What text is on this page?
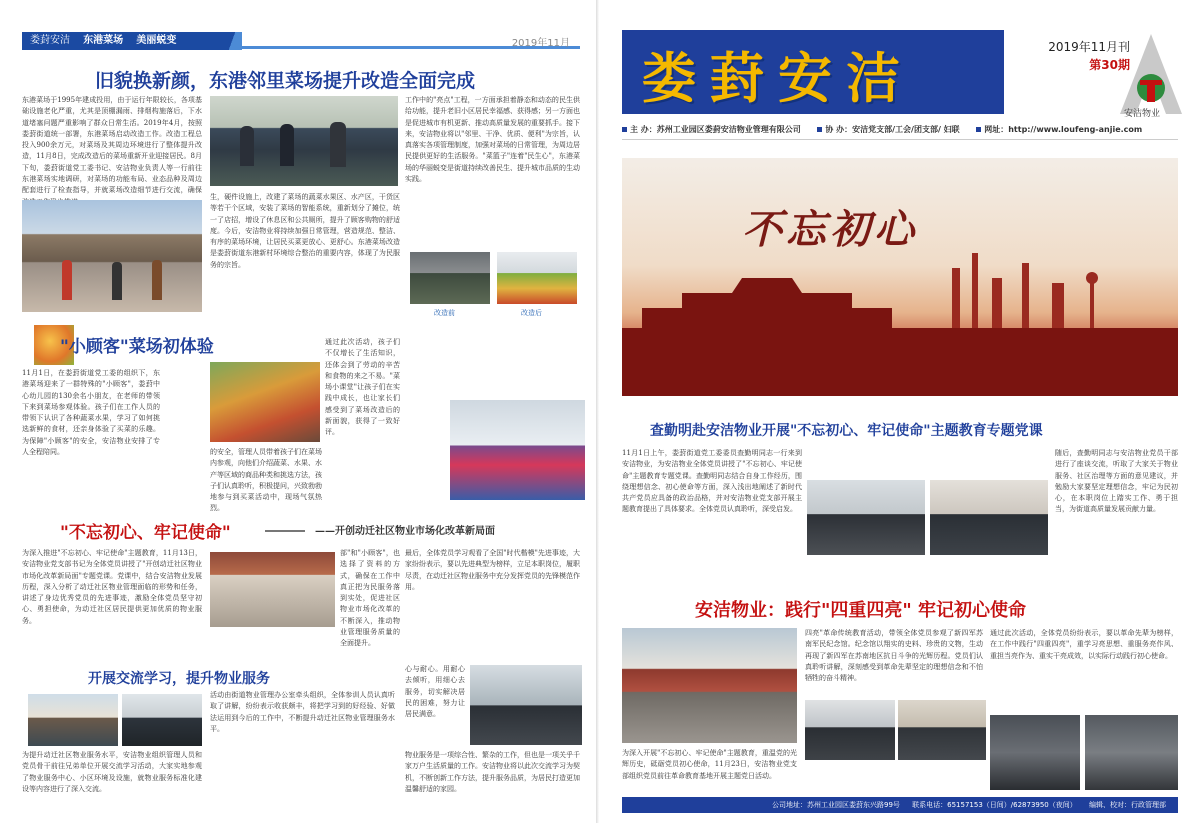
娄葑安洁 东港菜场 美丽蜕变	2019年11月
旧貌换新颜，东港邻里菜场提升改造全面完成
东港菜场于1995年建成投用，由于运行年限较长，各项基础设施老化严重，尤其是顶棚漏雨、排烟构施落后，下水道堵塞问题严重影响了群众日常生活。2019年4月，按照娄葑街道统一部署，东港菜场启动改造工作。改造工程总投入900余万元，对菜场及其周边环境进行了整体提升改造，11月8日，完成改造后的菜场重新开业迎接居民。8月下旬，娄葑街道党工委书记、安洁物业负责人等一行前往东港菜场实地调研，对菜场的功能布局、业态品种及周边配套进行了检查指导，并就菜场改造细节进行交流，确保
工作中的"亮点"工程，一方面承担着静态和动态的民生供给功能，提升老旧小区居民幸福感、获得感；另一方面也是促进城市有机更新、推动高质量发展的重要抓手。接下来，安洁物业将以"邻里、干净、优质、便利"为宗旨，认真落实各项管理制度，加强对菜场的日常管理，为周边居民提供更好的生活服务。"菜篮子"连着"民生心"，东港菜场的华丽蜕变是街道持续改善民生、提升城市品质的生动实践。
生，硬件设施上，改建了菜场的蔬菜水果区、水产区，干货区等若干个区域，安装了菜场的智能系统，重新划分了摊位，统一了店招，增设了休息区和公共厕所，提升了顾客购物的舒适度。今后，安洁物业将持续加强日常管理，营造规范、整洁、有序的菜场环境，让居民买菜更放心、更舒心。东港菜场改造是娄葑街道东港新村环境综合整治的重要内容，体现了为民服务的宗旨。
改造前	改造后
"小顾客"菜场初体验
11月1日，在娄葑街道党工委的组织下，东港菜场迎来了一群特殊的"小顾客"，娄葑中心幼儿园的130余名小朋友，在老师的带领下来到菜场参观体验。孩子们在工作人员的带领下认识了各种蔬菜水果，学习了如何挑选新鲜的食材，还亲身体验了买菜的乐趣。为保障"小顾客"的安全，安洁物业安排了专人全程陪同。	的安全，管理人员带着孩子们在菜场内参观，向他们介绍蔬菜、水果、水产等区域的商品种类和挑选方法，孩子们认真聆听，积极提问，兴致勃勃地参与到买菜活动中，现场气氛热烈。
通过此次活动，孩子们不仅增长了生活知识，还体会到了劳动的辛苦和食物的来之不易。"菜场小课堂"让孩子们在实践中成长，也让家长们感受到了菜场改造后的新面貌，获得了一致好评。
"不忘初心、牢记使命"	——开创动迁社区物业市场化改革新局面
为深入推进"不忘初心、牢记使命"主题教育，11月13日，安洁物业党支部书记为全体党员讲授了"开创动迁社区物业市场化改革新局面"专题党课。党课中，结合安洁物业发展历程，深入分析了动迁社区物业管理面临的形势和任务，讲述了身边优秀党员的先进事迹，激励全体党员坚守初心、勇担使命，为动迁社区居民提供更加优质的物业服务。
部"和"小顾客"，也选择了资料的方式，确保在工作中真正把为民服务落到实处，促进社区物业市场化改革的不断深入，推动物业管理服务质量的全面提升。
最后，全体党员学习观看了全国"时代楷模"先进事迹，大家纷纷表示，要以先进典型为榜样，立足本职岗位，履职尽责，在动迁社区物业服务中充分发挥党员的先锋模范作用。
开展交流学习，提升物业服务
为提升动迁社区物业服务水平，安洁物业组织管理人员和党员骨干前往兄弟单位开展交流学习活动，大家实地参观了物业服务中心、小区环境及设施，就物业服务标准化建设等内容进行了深入交流。
活动由街道物业管理办公室牵头组织，全体参训人员认真听取了讲解，纷纷表示收获颇丰，将把学习到的好经验、好做法运用到今后的工作中，不断提升动迁社区物业管理服务水平。
心与耐心。用耐心去倾听，用细心去服务，切实解决居民的困难，努力让居民满意。
物业服务是一项综合性、繁杂的工作，但也是一项关乎千家万户生活质量的工作。安洁物业将以此次交流学习为契机，不断创新工作方法，提升服务品质，为居民打造更加温馨舒适的家园。
娄葑安洁	2019年11月刊
第30期
安洁物业
主 办：苏州工业园区娄葑安洁物业管理有限公司	协 办：安洁党支部/工会/团支部/ 妇联	网址：http://www.loufeng-anjie.com
不忘初心
查勤明赴安洁物业开展"不忘初心、牢记使命"主题教育专题党课
11月1日上午，娄葑街道党工委委员查勤明同志一行来到安洁物业，为安洁物业全体党员讲授了"不忘初心、牢记使命"主题教育专题党课。查勤明同志结合自身工作经历，围绕理想信念、初心使命等方面，深入浅出地阐述了新时代共产党员应具备的政治品格，并对安洁物业党支部开展主题教育提出了具体要求。全体党员认真聆听，深受启发。
随后，查勤明同志与安洁物业党员干部进行了座谈交流，听取了大家关于物业服务、社区治理等方面的意见建议，并勉励大家要坚定理想信念，牢记为民初心，在本职岗位上踏实工作、勇于担当，为街道高质量发展贡献力量。
安洁物业：践行"四重四亮" 牢记初心使命
为深入开展"不忘初心、牢记使命"主题教育，重温党的光辉历史，砥砺党员初心使命，11月23日，安洁物业党支部组织党员前往革命教育基地开展主题党日活动。
四亮"革命传统教育活动，带领全体党员参观了新四军苏南军民纪念馆。纪念馆以翔实的史料、珍贵的文物，生动再现了新四军在苏南地区抗日斗争的光辉历程。党员们认真聆听讲解，深刻感受到革命先辈坚定的理想信念和不怕牺牲的奋斗精神。
通过此次活动，全体党员纷纷表示，要以革命先辈为榜样，在工作中践行"四重四亮"，重学习亮思想、重服务亮作风、重担当亮作为、重实干亮成效，以实际行动践行初心使命。
公司地址：苏州工业园区娄葑东兴路99号 联系电话：65157153（日间）/62873950（夜间） 编辑、校对：行政管理部
